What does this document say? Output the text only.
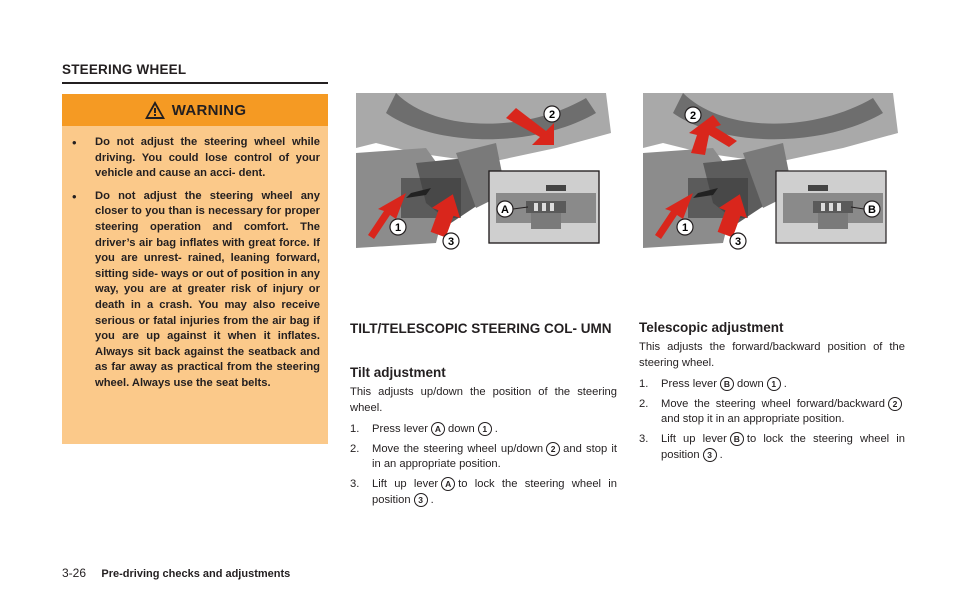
STEERING WHEEL
WARNING
•	Do not adjust the steering wheel while driving. You could lose control of your vehicle and cause an acci- dent.
•	Do not adjust the steering wheel any closer to you than is necessary for proper steering operation and comfort. The driver’s air bag inflates with great force. If you are unrest- rained, leaning forward, sitting side- ways or out of position in any way, you are at greater risk of injury or death in a crash. You may also receive serious or fatal injuries from the air bag if you are up against it when it inflates. Always sit back against the seatback and as far away as practical from the steering wheel. Always use the seat belts.
A
1
2
3
B
1
2
3
TILT/TELESCOPIC STEERING COL- UMN
Tilt adjustment
This adjusts up/down the position of the steering wheel.
1.	Press lever A down 1 .
2.	Move the steering wheel up/down 2 and stop it in an appropriate position.
3.	Lift up lever A to lock the steering wheel in position 3 .
Telescopic adjustment
This adjusts the forward/backward position of the steering wheel.
1.	Press lever B down 1 .
2.	Move the steering wheel forward/backward 2and stop it in an appropriate position.
3.	Lift up lever B to lock the steering wheel in position 3 .
3-26 Pre-driving checks and adjustments
